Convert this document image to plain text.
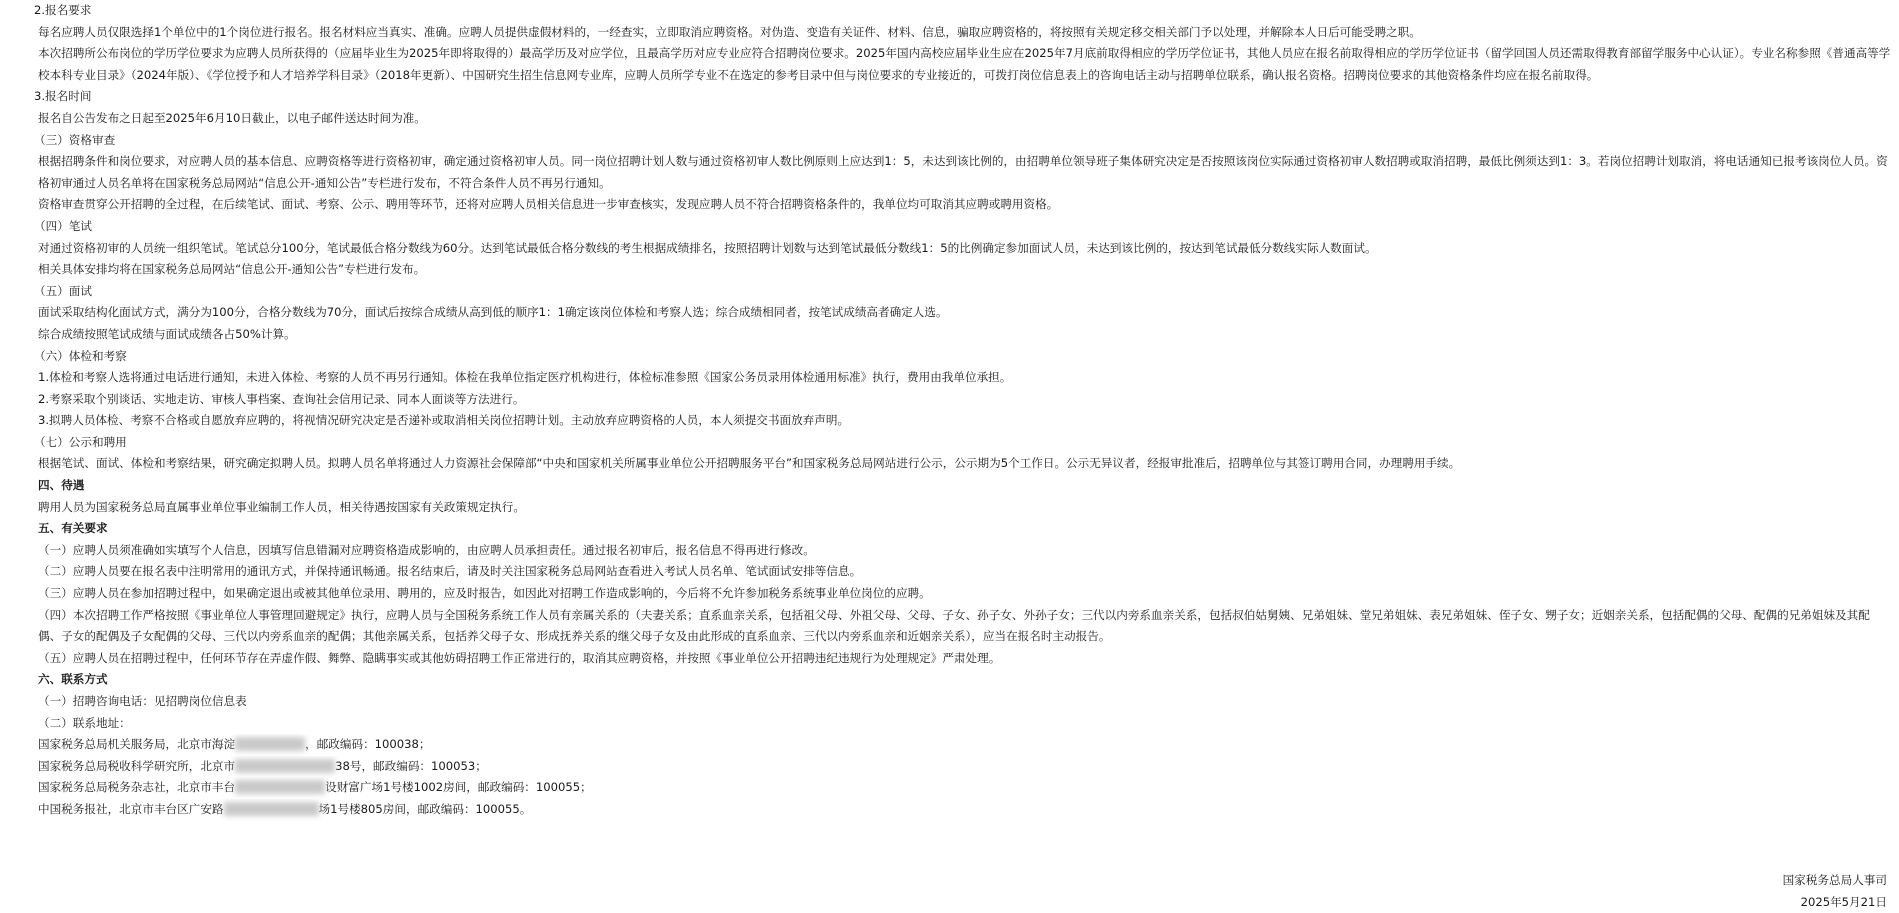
2.报名要求
每名应聘人员仅限选择1个单位中的1个岗位进行报名。报名材料应当真实、准确。应聘人员提供虚假材料的，一经查实，立即取消应聘资格。对伪造、变造有关证件、材料、信息，骗取应聘资格的，将按照有关规定移交相关部门予以处理，并解除本人日后可能受聘之职。
本次招聘所公布岗位的学历学位要求为应聘人员所获得的（应届毕业生为2025年即将取得的）最高学历及对应学位，且最高学历对应专业应符合招聘岗位要求。2025年国内高校应届毕业生应在2025年7月底前取得相应的学历学位证书，其他人员应在报名前取得相应的学历学位证书（留学回国人员还需取得教育部留学服务中心认证）。专业名称参照《普通高等学校本科专业目录》（2024年版）、《学位授予和人才培养学科目录》（2018年更新）、中国研究生招生信息网专业库，应聘人员所学专业不在选定的参考目录中但与岗位要求的专业接近的，可拨打岗位信息表上的咨询电话主动与招聘单位联系，确认报名资格。招聘岗位要求的其他资格条件均应在报名前取得。
3.报名时间
报名自公告发布之日起至2025年6月10日截止，以电子邮件送达时间为准。
（三）资格审查
根据招聘条件和岗位要求，对应聘人员的基本信息、应聘资格等进行资格初审，确定通过资格初审人员。同一岗位招聘计划人数与通过资格初审人数比例原则上应达到1：5，未达到该比例的，由招聘单位领导班子集体研究决定是否按照该岗位实际通过资格初审人数招聘或取消招聘，最低比例须达到1：3。若岗位招聘计划取消，将电话通知已报考该岗位人员。资格初审通过人员名单将在国家税务总局网站“信息公开-通知公告”专栏进行发布，不符合条件人员不再另行通知。
资格审查贯穿公开招聘的全过程，在后续笔试、面试、考察、公示、聘用等环节，还将对应聘人员相关信息进一步审查核实，发现应聘人员不符合招聘资格条件的，我单位均可取消其应聘或聘用资格。
（四）笔试
对通过资格初审的人员统一组织笔试。笔试总分100分，笔试最低合格分数线为60分。达到笔试最低合格分数线的考生根据成绩排名，按照招聘计划数与达到笔试最低分数线1：5的比例确定参加面试人员，未达到该比例的，按达到笔试最低分数线实际人数面试。
相关具体安排均将在国家税务总局网站“信息公开-通知公告”专栏进行发布。
（五）面试
面试采取结构化面试方式，满分为100分，合格分数线为70分，面试后按综合成绩从高到低的顺序1：1确定该岗位体检和考察人选；综合成绩相同者，按笔试成绩高者确定人选。
综合成绩按照笔试成绩与面试成绩各占50%计算。
（六）体检和考察
1.体检和考察人选将通过电话进行通知，未进入体检、考察的人员不再另行通知。体检在我单位指定医疗机构进行，体检标准参照《国家公务员录用体检通用标准》执行，费用由我单位承担。
2.考察采取个别谈话、实地走访、审核人事档案、查询社会信用记录、同本人面谈等方法进行。
3.拟聘人员体检、考察不合格或自愿放弃应聘的，将视情况研究决定是否递补或取消相关岗位招聘计划。主动放弃应聘资格的人员，本人须提交书面放弃声明。
（七）公示和聘用
根据笔试、面试、体检和考察结果，研究确定拟聘人员。拟聘人员名单将通过人力资源社会保障部“中央和国家机关所属事业单位公开招聘服务平台”和国家税务总局网站进行公示，公示期为5个工作日。公示无异议者，经报审批准后，招聘单位与其签订聘用合同，办理聘用手续。
四、待遇
聘用人员为国家税务总局直属事业单位事业编制工作人员，相关待遇按国家有关政策规定执行。
五、有关要求
（一）应聘人员须准确如实填写个人信息，因填写信息错漏对应聘资格造成影响的，由应聘人员承担责任。通过报名初审后，报名信息不得再进行修改。
（二）应聘人员要在报名表中注明常用的通讯方式，并保持通讯畅通。报名结束后，请及时关注国家税务总局网站查看进入考试人员名单、笔试面试安排等信息。
（三）应聘人员在参加招聘过程中，如果确定退出或被其他单位录用、聘用的，应及时报告，如因此对招聘工作造成影响的，今后将不允许参加税务系统事业单位岗位的应聘。
（四）本次招聘工作严格按照《事业单位人事管理回避规定》执行，应聘人员与全国税务系统工作人员有亲属关系的（夫妻关系；直系血亲关系，包括祖父母、外祖父母、父母、子女、孙子女、外孙子女；三代以内旁系血亲关系，包括叔伯姑舅姨、兄弟姐妹、堂兄弟姐妹、表兄弟姐妹、侄子女、甥子女；近姻亲关系，包括配偶的父母、配偶的兄弟姐妹及其配偶、子女的配偶及子女配偶的父母、三代以内旁系血亲的配偶；其他亲属关系，包括养父母子女、形成抚养关系的继父母子女及由此形成的直系血亲、三代以内旁系血亲和近姻亲关系），应当在报名时主动报告。
（五）应聘人员在招聘过程中，任何环节存在弄虚作假、舞弊、隐瞒事实或其他妨碍招聘工作正常进行的，取消其应聘资格，并按照《事业单位公开招聘违纪违规行为处理规定》严肃处理。
六、联系方式
（一）招聘咨询电话：见招聘岗位信息表
（二）联系地址：
国家税务总局机关服务局，北京市海淀	，邮政编码：100038；
国家税务总局税收科学研究所，北京市	38号，邮政编码：100053；
国家税务总局税务杂志社，北京市丰台	设财富广场1号楼1002房间，邮政编码：100055；
中国税务报社，北京市丰台区广安路	场1号楼805房间，邮政编码：100055。
国家税务总局人事司
2025年5月21日
